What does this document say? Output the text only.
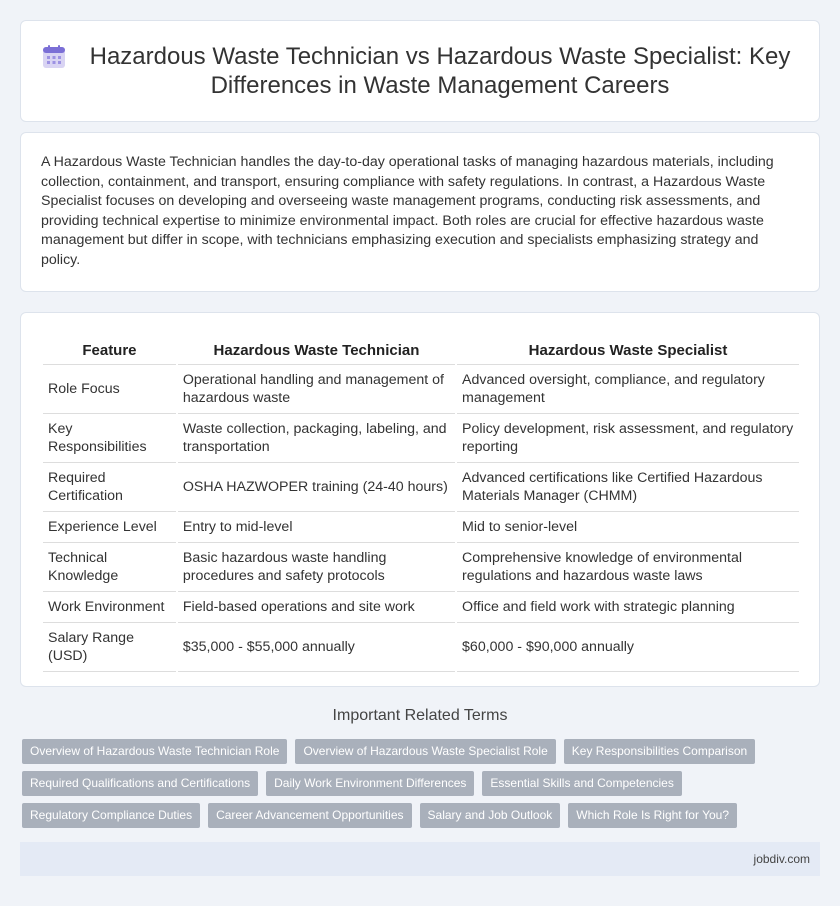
Hazardous Waste Technician vs Hazardous Waste Specialist: Key Differences in Waste Management Careers

A Hazardous Waste Technician handles the day-to-day operational tasks of managing hazardous materials, including collection, containment, and transport, ensuring compliance with safety regulations. In contrast, a Hazardous Waste Specialist focuses on developing and overseeing waste management programs, conducting risk assessments, and providing technical expertise to minimize environmental impact. Both roles are crucial for effective hazardous waste management but differ in scope, with technicians emphasizing execution and specialists emphasizing strategy and policy.

Feature	Hazardous Waste Technician	Hazardous Waste Specialist
Role Focus	Operational handling and management of hazardous waste	Advanced oversight, compliance, and regulatory management
Key Responsibilities	Waste collection, packaging, labeling, and transportation	Policy development, risk assessment, and regulatory reporting
Required Certification	OSHA HAZWOPER training (24-40 hours)	Advanced certifications like Certified Hazardous Materials Manager (CHMM)
Experience Level	Entry to mid-level	Mid to senior-level
Technical Knowledge	Basic hazardous waste handling procedures and safety protocols	Comprehensive knowledge of environmental regulations and hazardous waste laws
Work Environment	Field-based operations and site work	Office and field work with strategic planning
Salary Range (USD)	$35,000 - $55,000 annually	$60,000 - $90,000 annually
Important Related Terms
Overview of Hazardous Waste Technician Role	Overview of Hazardous Waste Specialist Role	Key Responsibilities Comparison
Required Qualifications and Certifications	Daily Work Environment Differences	Essential Skills and Competencies
Regulatory Compliance Duties	Career Advancement Opportunities	Salary and Job Outlook	Which Role Is Right for You?
jobdiv.com
